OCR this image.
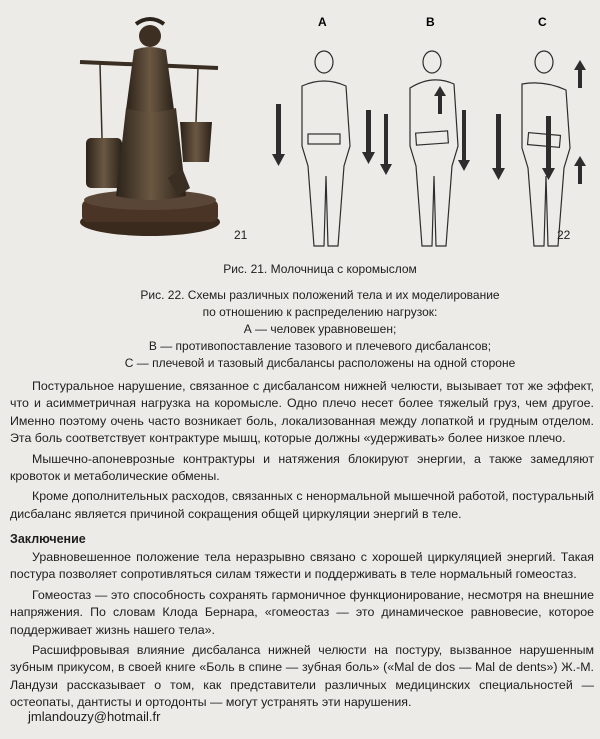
A	B	C
21	22
Рис. 21. Молочница с коромыслом
Рис. 22. Схемы различных положений тела и их моделирование
по отношению к распределению нагрузок:
А — человек уравновешен;
В — противопоставление тазового и плечевого дисбалансов;
С — плечевой и тазовый дисбалансы расположены на одной стороне

Постуральное нарушение, связанное с дисбалансом нижней челюсти, вызывает тот же эффект, что и асимметричная нагрузка на коромысле. Одно плечо несет более тяжелый груз, чем другое. Именно поэтому очень часто возникает боль, локализованная между лопаткой и грудным отделом. Эта боль соответствует контрактуре мышц, которые должны «удерживать» более низкое плечо.

Мышечно-апоневрозные контрактуры и натяжения блокируют энергии, а также замедляют кровоток и метаболические обмены.

Кроме дополнительных расходов, связанных с ненормальной мышечной работой, постуральный дисбаланс является причиной сокращения общей циркуляции энергий в теле.

Заключение

Уравновешенное положение тела неразрывно связано с хорошей циркуляцией энергий. Такая постура позволяет сопротивляться силам тяжести и поддерживать в теле нормальный гомеостаз.

Гомеостаз — это способность сохранять гармоничное функционирование, несмотря на внешние напряжения. По словам Клода Бернара, «гомеостаз — это динамическое равновесие, которое поддерживает жизнь нашего тела».

Расшифровывая влияние дисбаланса нижней челюсти на постуру, вызванное нарушенным зубным прикусом, в своей книге «Боль в спине — зубная боль» («Mal de dos — Mal de dents») Ж.-М. Ландузи рассказывает о том, как представители различных медицинских специальностей — остеопаты, дантисты и ортодонты — могут устранять эти нарушения.

jmlandouzy@hotmail.fr
